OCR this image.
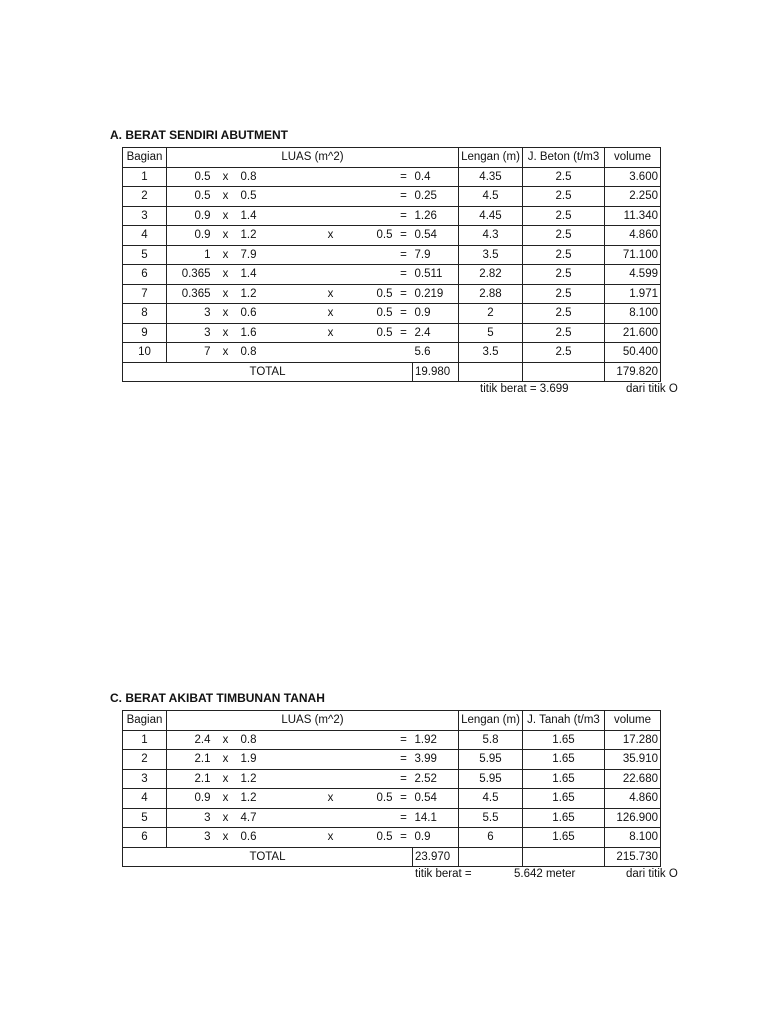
A. BERAT SENDIRI ABUTMENT
Bagian	LUAS (m^2)							Lengan (m)	J. Beton (t/m3	volume
1	0.5	x	0.8			=	0.4	4.35	2.5	3.600
2	0.5	x	0.5			=	0.25	4.5	2.5	2.250
3	0.9	x	1.4			=	1.26	4.45	2.5	11.340
4	0.9	x	1.2	x	0.5	=	0.54	4.3	2.5	4.860
5	1	x	7.9			=	7.9	3.5	2.5	71.100
6	0.365	x	1.4			=	0.511	2.82	2.5	4.599
7	0.365	x	1.2	x	0.5	=	0.219	2.88	2.5	1.971
8	3	x	0.6	x	0.5	=	0.9	2	2.5	8.100
9	3	x	1.6	x	0.5	=	2.4	5	2.5	21.600
10	7	x	0.8				5.6	3.5	2.5	50.400
TOTAL							19.980			179.820
titik berat = 3.699	dari titik O
C. BERAT AKIBAT TIMBUNAN TANAH
Bagian	LUAS (m^2)							Lengan (m)	J. Tanah (t/m3	volume
1	2.4	x	0.8			=	1.92	5.8	1.65	17.280
2	2.1	x	1.9			=	3.99	5.95	1.65	35.910
3	2.1	x	1.2			=	2.52	5.95	1.65	22.680
4	0.9	x	1.2	x	0.5	=	0.54	4.5	1.65	4.860
5	3	x	4.7			=	14.1	5.5	1.65	126.900
6	3	x	0.6	x	0.5	=	0.9	6	1.65	8.100
TOTAL							23.970			215.730
titik berat =	5.642 meter	dari titik O
